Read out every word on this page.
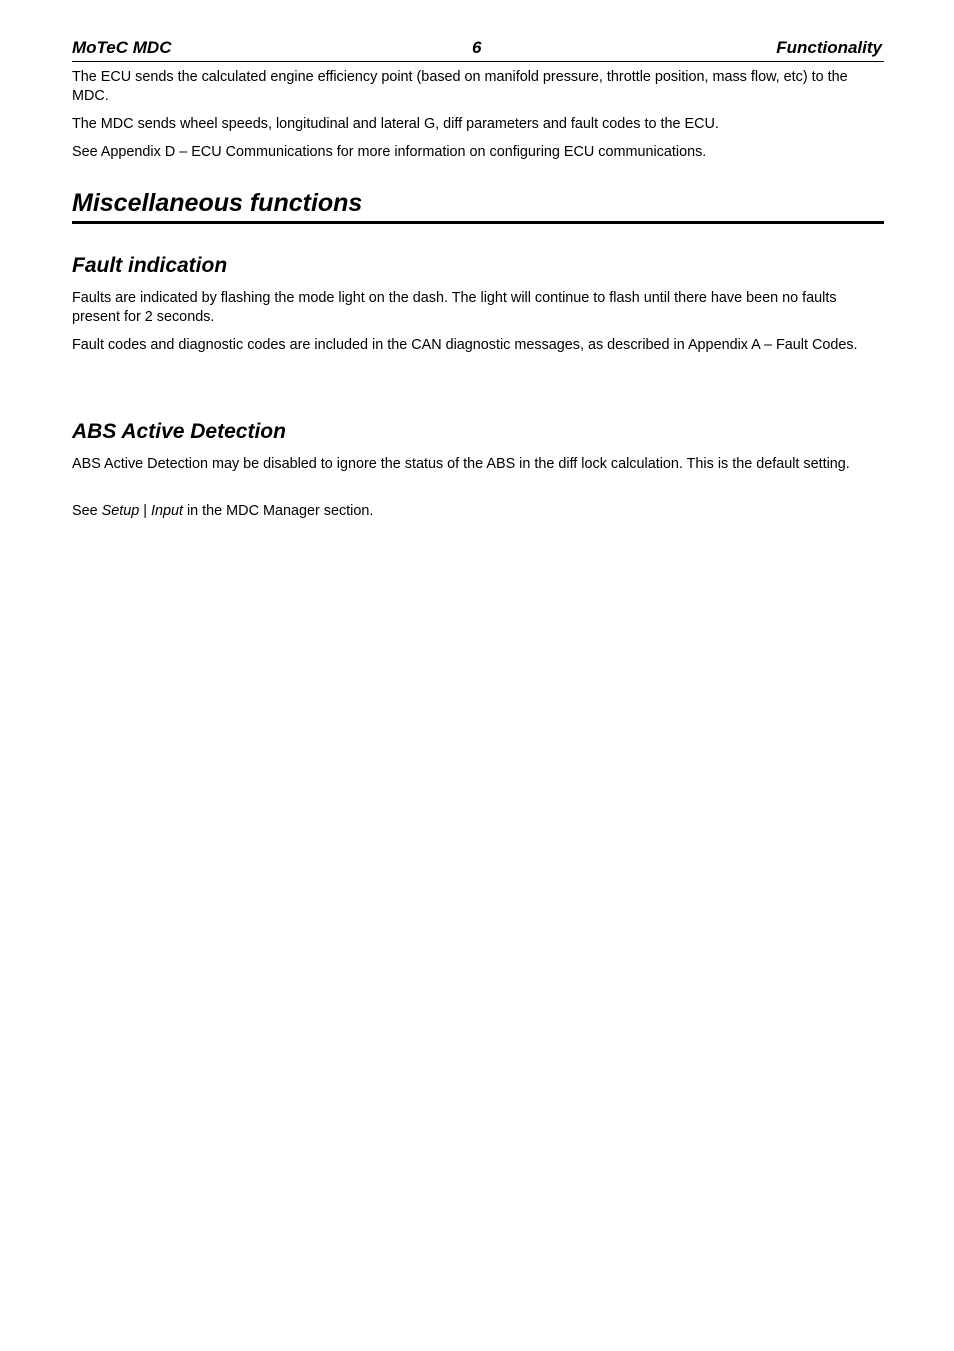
MoTeC MDC	6	Functionality

The ECU sends the calculated engine efficiency point (based on manifold pressure, throttle position, mass flow, etc) to the MDC.

The MDC sends wheel speeds, longitudinal and lateral G, diff parameters and fault codes to the ECU.

See Appendix D – ECU Communications for more information on configuring ECU communications.

Miscellaneous functions
Fault indication

Faults are indicated by flashing the mode light on the dash. The light will continue to flash until there have been no faults present for 2 seconds.

Fault codes and diagnostic codes are included in the CAN diagnostic messages, as described in Appendix A – Fault Codes.

ABS Active Detection

ABS Active Detection may be disabled to ignore the status of the ABS in the diff lock calculation. This is the default setting.

See Setup | Input in the MDC Manager section.
